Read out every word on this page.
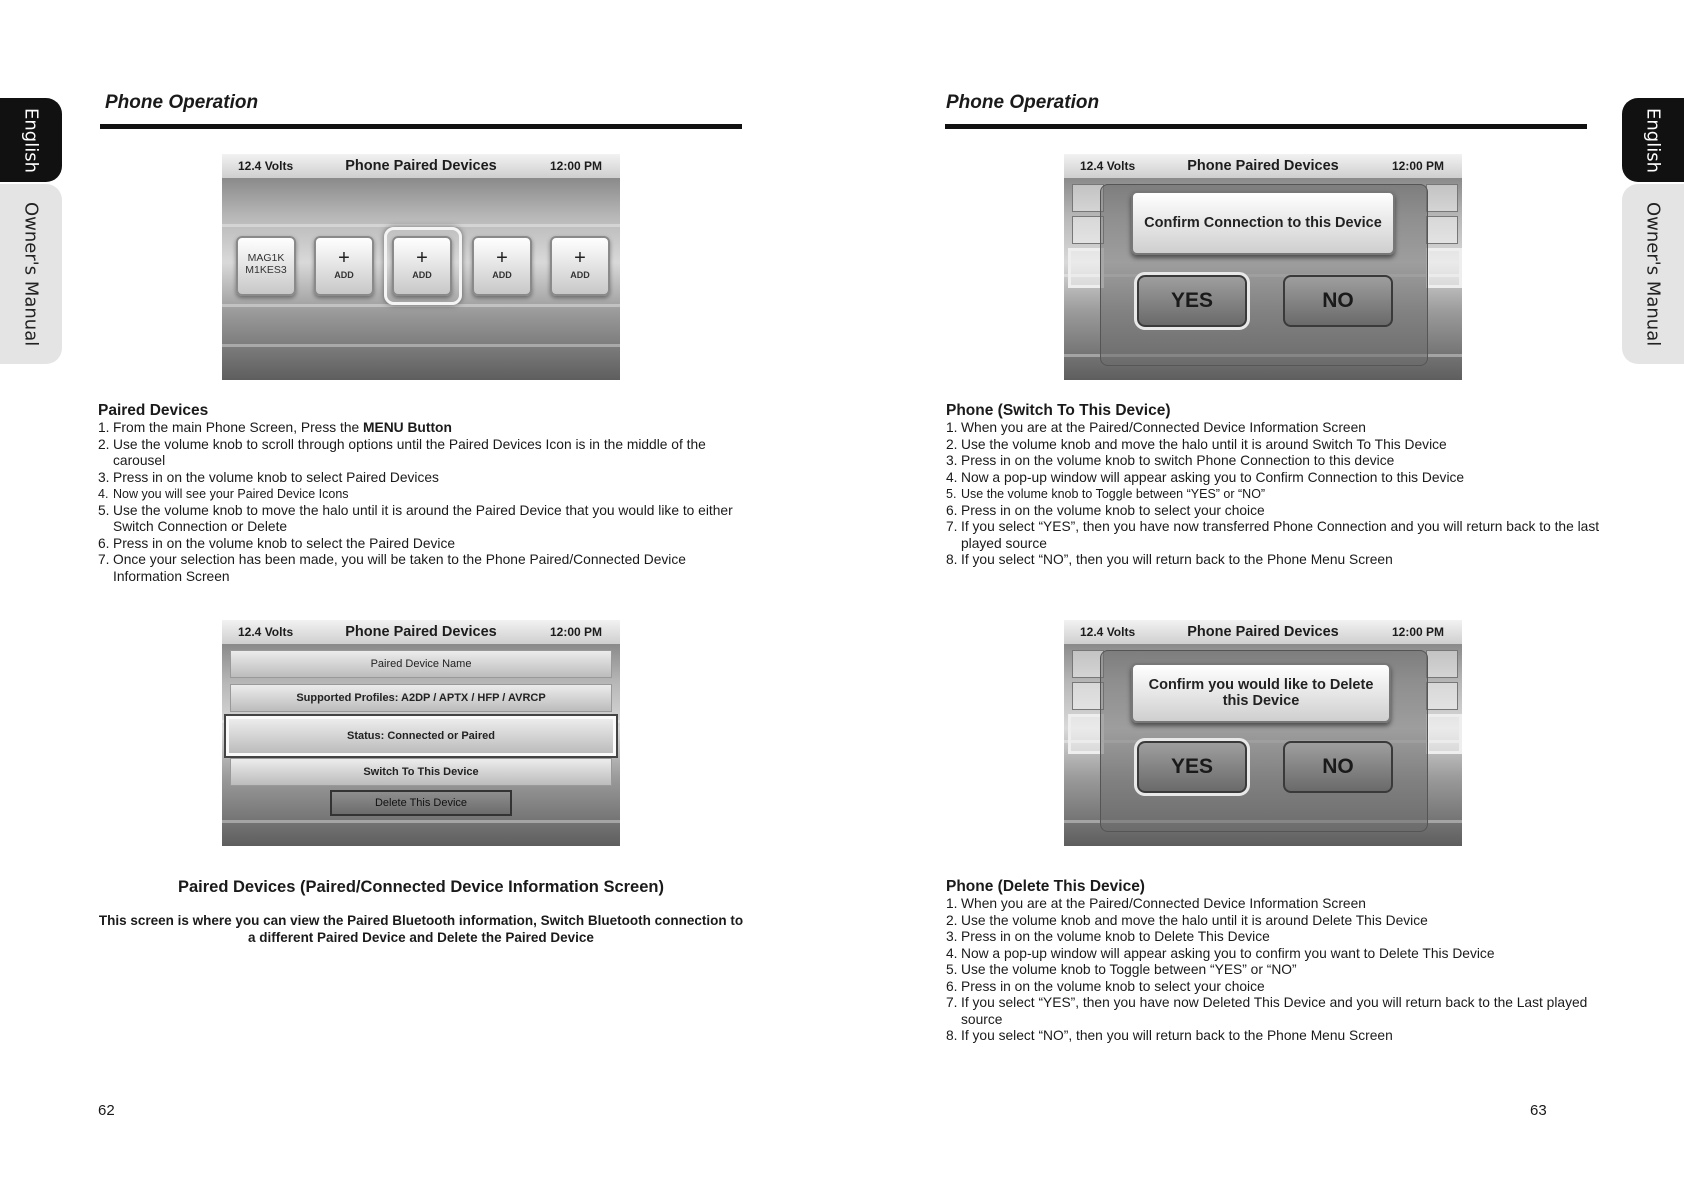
English
Owner's Manual
English
Owner's Manual
Phone Operation
12.4 Volts	Phone Paired Devices	12:00 PM
MAG1K
M1KES3
+
ADD
+
ADD
+
ADD
+
ADD
Paired Devices
1. From the main Phone Screen, Press the MENU Button
2. Use the volume knob to scroll through options until the Paired Devices Icon is in the middle of the carousel
3. Press in on the volume knob to select Paired Devices
4. Now you will see your Paired Device Icons
5. Use the volume knob to move the halo until it is around the Paired Device that you would like to either Switch Connection or Delete
6. Press in on the volume knob to select the Paired Device
7. Once your selection has been made, you will be taken to the Phone Paired/Connected Device Information Screen
12.4 Volts	Phone Paired Devices	12:00 PM
Paired Device Name
Supported Profiles: A2DP / APTX / HFP / AVRCP
Status: Connected or Paired
Switch To This Device
Delete This Device
Paired Devices (Paired/Connected Device Information Screen)
This screen is where you can view the Paired Bluetooth information, Switch Bluetooth connection to a different Paired Device and Delete the Paired Device
62
Phone Operation
12.4 Volts	Phone Paired Devices	12:00 PM
Confirm Connection to this Device
YES	NO
Phone (Switch To This Device)
1. When you are at the Paired/Connected Device Information Screen
2. Use the volume knob and move the halo until it is around Switch To This Device
3. Press in on the volume knob to switch Phone Connection to this device
4. Now a pop-up window will appear asking you to Confirm Connection to this Device
5. Use the volume knob to Toggle between “YES” or “NO”
6. Press in on the volume knob to select your choice
7. If you select “YES”, then you have now transferred Phone Connection and you will return back to the last played source
8. If you select “NO”, then you will return back to the Phone Menu Screen
12.4 Volts	Phone Paired Devices	12:00 PM
Confirm you would like to Delete this Device
YES	NO
Phone (Delete This Device)
1. When you are at the Paired/Connected Device Information Screen
2. Use the volume knob and move the halo until it is around Delete This Device
3. Press in on the volume knob to Delete This Device
4. Now a pop-up window will appear asking you to confirm you want to Delete This Device
5. Use the volume knob to Toggle between “YES” or “NO”
6. Press in on the volume knob to select your choice
7. If you select “YES”, then you have now Deleted This Device and you will return back to the Last played source
8. If you select “NO”, then you will return back to the Phone Menu Screen
63
